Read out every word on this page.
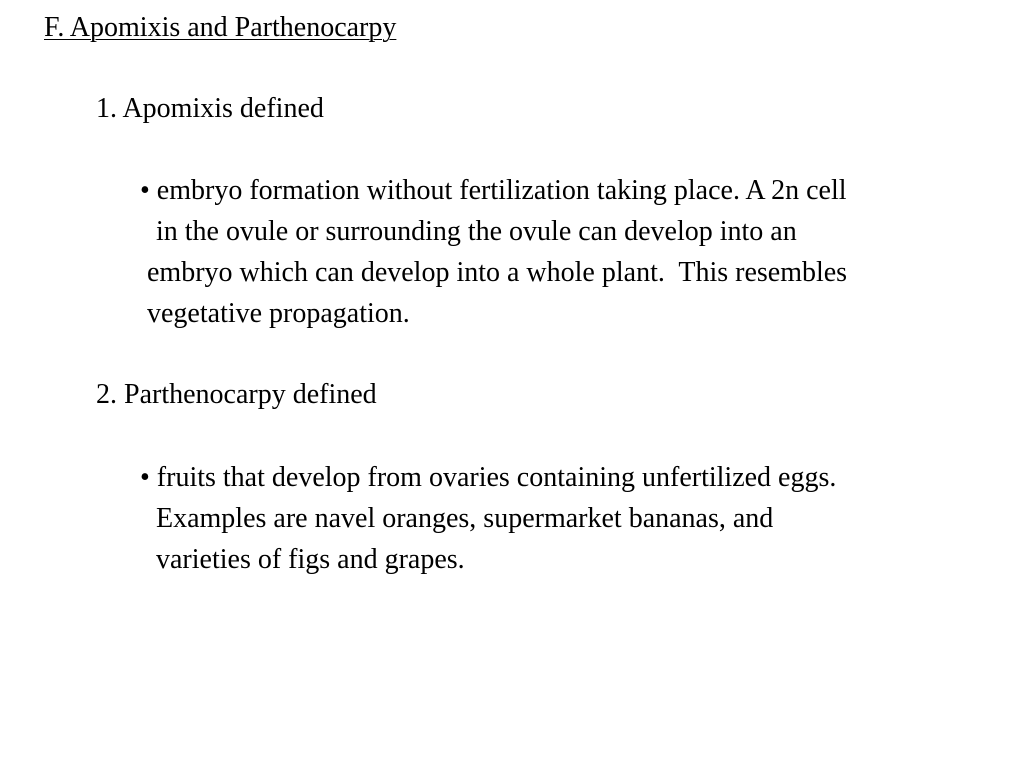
F. Apomixis and Parthenocarpy

1. Apomixis defined

• embryo formation without fertilization taking place. A 2n cell

in the ovule or surrounding the ovule can develop into an

embryo which can develop into a whole plant.  This resembles

vegetative propagation.

2. Parthenocarpy defined

• fruits that develop from ovaries containing unfertilized eggs.

Examples are navel oranges, supermarket bananas, and

varieties of figs and grapes.
